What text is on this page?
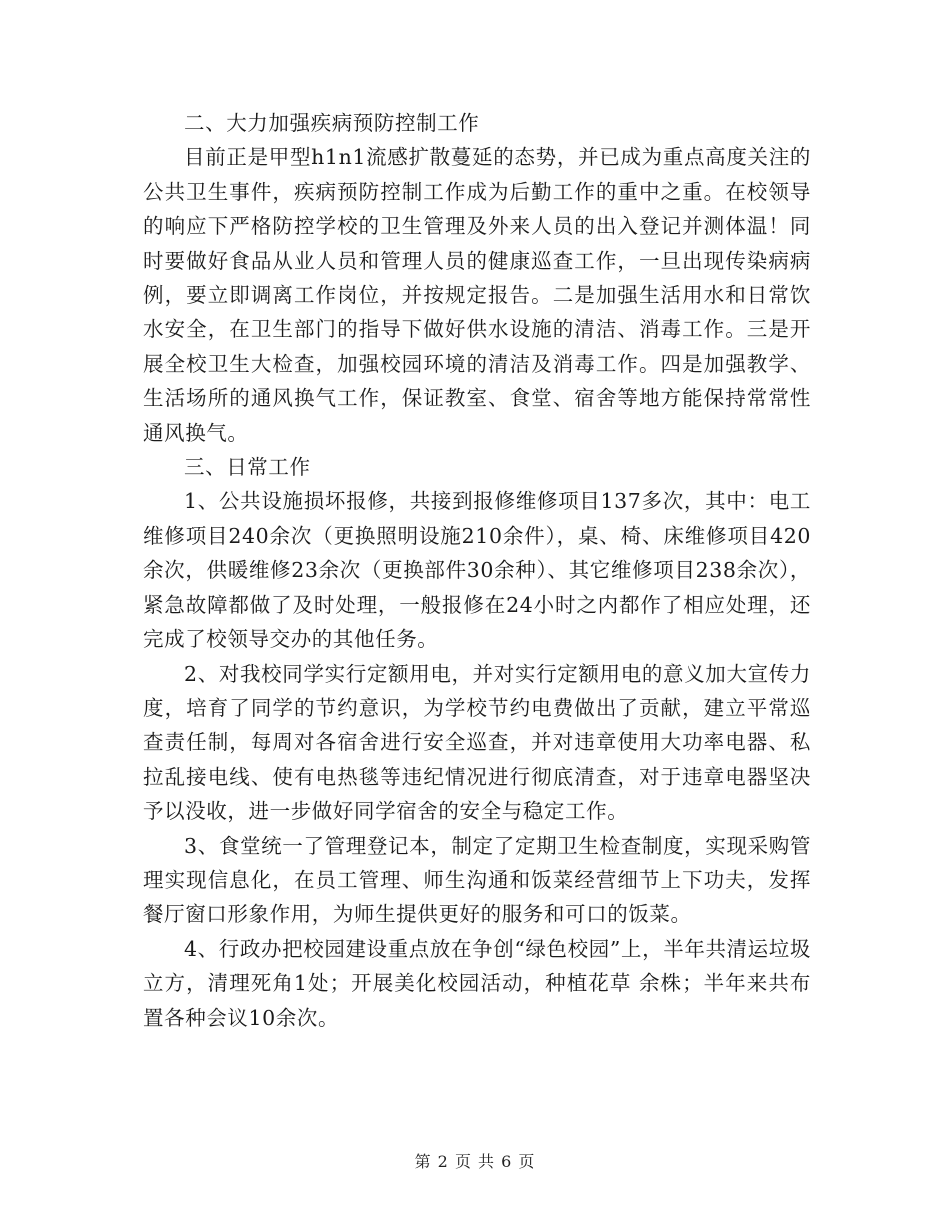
二、大力加强疾病预防控制工作

目前正是甲型h1n1流感扩散蔓延的态势，并已成为重点高度关注的公共卫生事件，疾病预防控制工作成为后勤工作的重中之重。在校领导的响应下严格防控学校的卫生管理及外来人员的出入登记并测体温！同时要做好食品从业人员和管理人员的健康巡查工作，一旦出现传染病病例，要立即调离工作岗位，并按规定报告。二是加强生活用水和日常饮水安全，在卫生部门的指导下做好供水设施的清洁、消毒工作。三是开展全校卫生大检查，加强校园环境的清洁及消毒工作。四是加强教学、生活场所的通风换气工作，保证教室、食堂、宿舍等地方能保持常常性通风换气。

三、日常工作

1、公共设施损坏报修，共接到报修维修项目137多次，其中：电工维修项目240余次（更换照明设施210余件），桌、椅、床维修项目420余次，供暖维修23余次（更换部件30余种）、其它维修项目238余次），紧急故障都做了及时处理，一般报修在24小时之内都作了相应处理，还完成了校领导交办的其他任务。

2、对我校同学实行定额用电，并对实行定额用电的意义加大宣传力度，培育了同学的节约意识，为学校节约电费做出了贡献，建立平常巡查责任制，每周对各宿舍进行安全巡查，并对违章使用大功率电器、私拉乱接电线、使有电热毯等违纪情况进行彻底清查，对于违章电器坚决予以没收，进一步做好同学宿舍的安全与稳定工作。

3、食堂统一了管理登记本，制定了定期卫生检查制度，实现采购管理实现信息化，在员工管理、师生沟通和饭菜经营细节上下功夫，发挥餐厅窗口形象作用，为师生提供更好的服务和可口的饭菜。

4、行政办把校园建设重点放在争创“绿色校园”上，半年共清运垃圾 立方，清理死角1处；开展美化校园活动，种植花草 余株；半年来共布置各种会议10余次。

第 2 页 共 6 页
